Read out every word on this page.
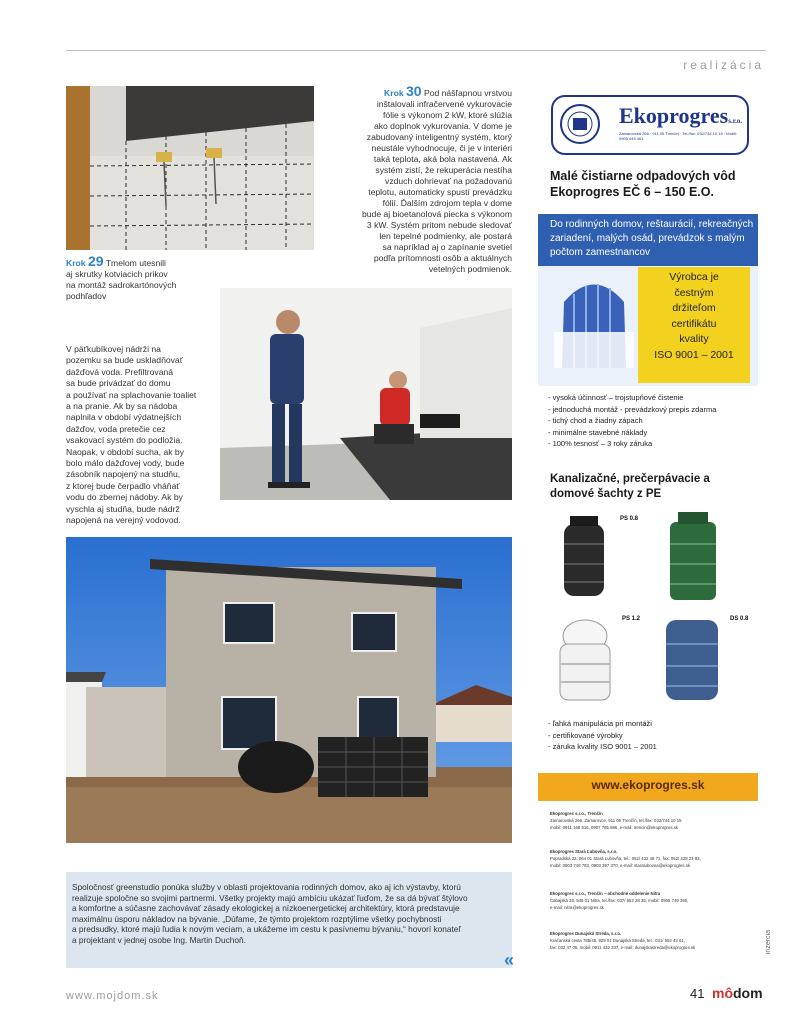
realizácia

Krok 29 Tmelom utesnili

aj skrutky kotviacich prikov

na montáž sadrokartónových

podhľadov

Krok 30 Pod nášľapnou vrstvou

inštalovali infračervené vykurovacie

fólie s výkonom 2 kW, ktoré slúžia

ako doplnok vykurovania. V dome je

zabudovaný inteligentný systém, ktorý

neustále vyhodnocuje, či je v interiéri

taká teplota, aká bola nastavená. Ak

systém zistí, že rekuperácia nestíha

vzduch dohrievať na požadovanú

teplotu, automaticky spustí prevádzku

fólií. Ďalším zdrojom tepla v dome

bude aj bioetanolová piecka s výkonom

3 kW. Systém pritom nebude sledovať

len tepelné podmienky, ale postará

sa napríklad aj o zapínanie svetiel

podľa prítomnosti osôb a aktuálnych

vetelných podmienok.

V päťkubíkovej nádrži na

pozemku sa bude uskladňovať

dažďová voda. Prefiltrovaná

sa bude privádzať do domu

a používať na splachovanie toaliet

a na pranie. Ak by sa nádoba

naplnila v období výdatnejších

dažďov, voda pretečie cez

vsakovací systém do podložia.

Naopak, v období sucha, ak by

bolo málo dažďovej vody, bude

zásobník napojený na studňu,

z ktorej bude čerpadlo vháňať

vodu do zbernej nádoby. Ak by

vyschla aj studňa, bude nádrž

napojená na verejný vodovod.

Ekoprogress.r.o.
Zamarovská 266 · 911 05 Trenčín · Tel./fax: 032/744 10 15 · Mobil: 0905 445 461
Malé čistiarne odpadových vôd Ekoprogres EČ 6 – 150 E.O.
Do rodinných domov, reštaurácií, rekreačných zariadení, malých osád, prevádzok s malým počtom zamestnancov
Výrobca je
čestným
držiteľom
certifikátu
kvality
ISO 9001 – 2001
- vysoká účinnosť – trojstupňové čistenie
- jednoduchá montáž - prevádzkový prepis zdarma
- tichý chod a žiadny zápach
- minimálne stavebné náklady
- 100% tesnosť – 3 roky záruka
Kanalizačné, prečerpávacie a domové šachty z PE
PS 0.8
PS 1.2	DS 0.8
- ľahká manipulácia pri montáži
- certifikované výrobky
- záruka kvality ISO 9001 – 2001
www.ekoprogres.sk
Ekoprogres s.r.o., Trenčín
Zamarovská 266, Zamarovce, 911 05 Trenčín, tel./fax: 032/744 10 15
mobil: 0911 168 516, 0907 785 886, e-mail: trencin@ekoprogres.sk
Ekoprogres Stará Ľubovňa, s.r.o.
Popradská 22, 064 01 Stará Ľubovňa, tel.: 052/ 432 48 71, fax: 052/ 428 23 83,
mobil: 0903 748 783, 0903 397 370, e-mail: staralubovna@ekoprogres.sk
Ekoprogres s.r.o., Trenčín – obchodné oddelenie Nitra
Cabajská 28, 949 01 Nitra, tel./fax: 037/ 652 28 35, mobil: 0905 749 390,
e-mail: nitra@ekoprogres.sk
Ekoprogres Dunajská Streda, s.r.o.
Kračanská cesta 785/45, 929 01 Dunajská Streda, tel.: 031/ 552 43 61,
fax: 032 47 05, mobil: 0911 432 337, e-mail: dunajskastreda@ekoprogres.sk	inzercia

Spoločnosť greenstudio ponúka služby v oblasti projektovania rodinných domov, ako aj ich výstavby, ktorú

realizuje spoločne so svojimi partnermi. Všetky projekty majú ambíciu ukázať ľuďom, že sa dá bývať štýlovo

a komfortne a súčasne zachovávať zásady ekologickej a nízkoenergetickej architektúry, ktorá predstavuje

maximálnu úsporu nákladov na bývanie. „Dúfame, že týmto projektom rozptýlime všetky pochybnosti

a predsudky, ktoré majú ľudia k novým veciam, a ukážeme im cestu k pasívnemu bývaniu,“ hovorí konateľ

a projektant v jednej osobe Ing. Martin Duchoň.

«
www.mojdom.sk	41 môdom
